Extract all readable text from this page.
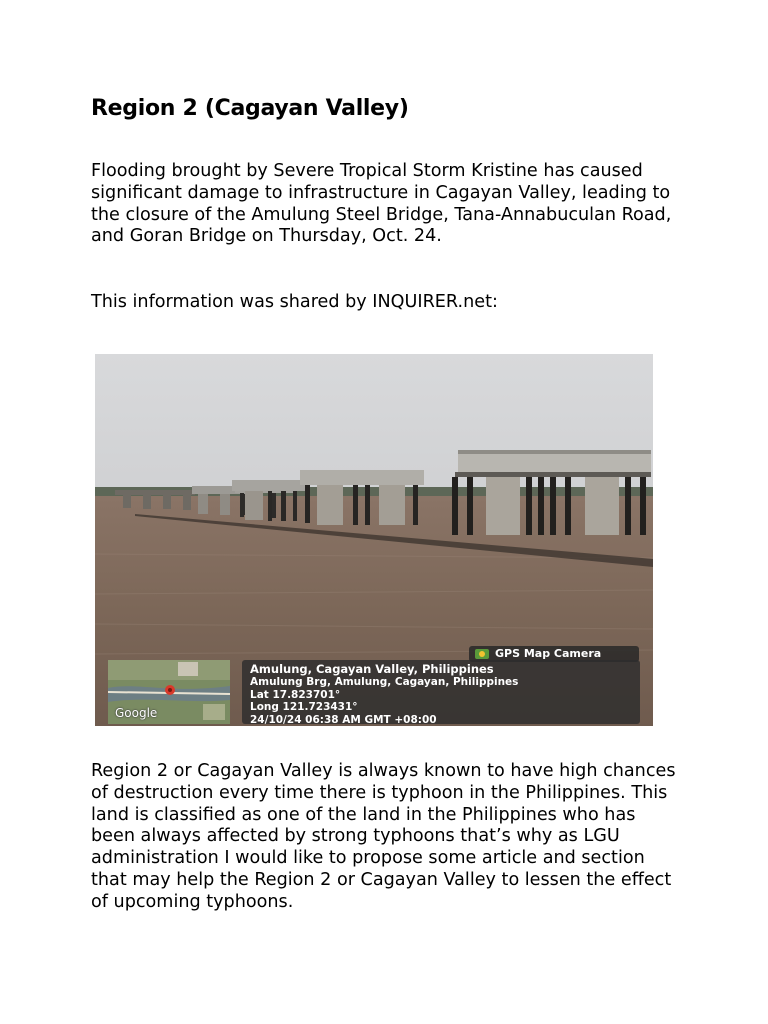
Region 2 (Cagayan Valley)

Flooding brought by Severe Tropical Storm Kristine has caused significant damage to infrastructure in Cagayan Valley, leading to the closure of the Amulung Steel Bridge, Tana-Annabuculan Road, and Goran Bridge on Thursday, Oct. 24.

This information was shared by INQUIRER.net:

Region 2 or Cagayan Valley is always known to have high chances of destruction every time there is typhoon in the Philippines. This land is classified as one of the land in the Philippines who has been always affected by strong typhoons that’s why as LGU administration I would like to propose some article and section that may help the Region 2 or Cagayan Valley to lessen the effect of upcoming typhoons.

GPS Map Camera
Google
Amulung, Cagayan Valley, Philippines
Amulung Brg, Amulung, Cagayan, Philippines
Lat 17.823701°
Long 121.723431°
24/10/24 06:38 AM GMT +08:00
